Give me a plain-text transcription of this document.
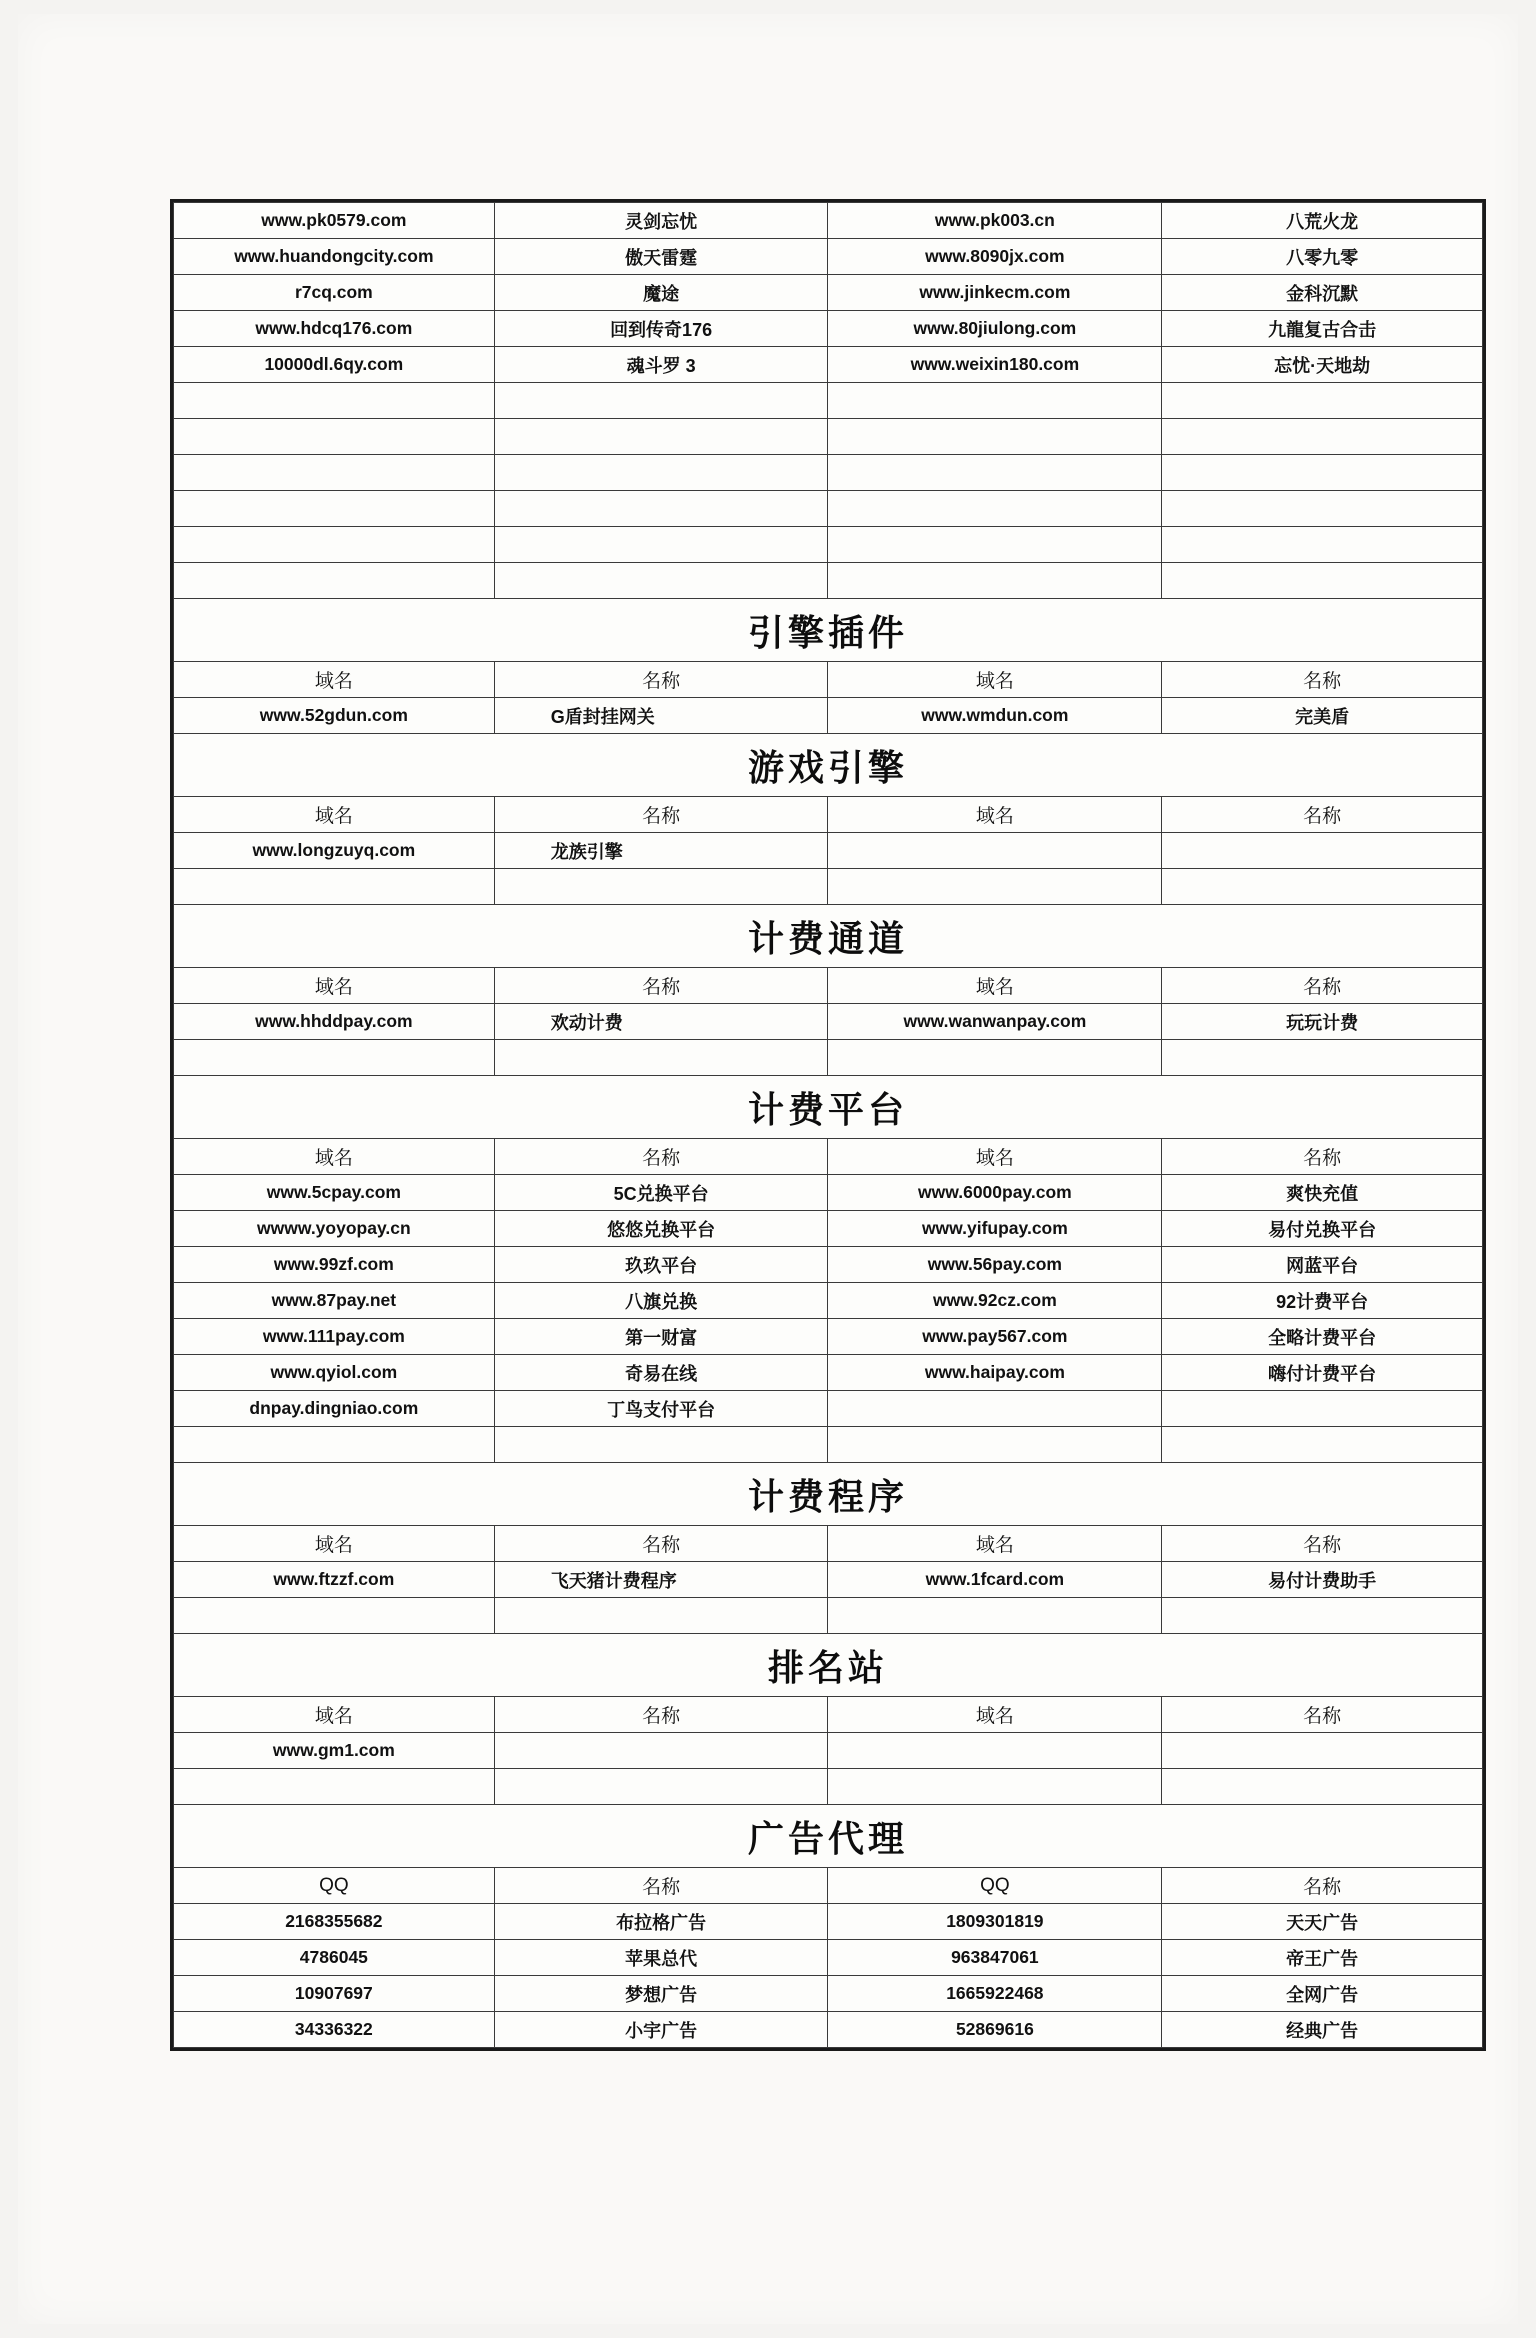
www.pk0579.com	灵剑忘忧	www.pk003.cn	八荒火龙
www.huandongcity.com	傲天雷霆	www.8090jx.com	八零九零
r7cq.com	魔途	www.jinkecm.com	金科沉默
www.hdcq176.com	回到传奇176	www.80jiulong.com	九龍复古合击
10000dl.6qy.com	魂斗罗 3	www.weixin180.com	忘忧·天地劫

引擎插件			
域名	名称	域名	名称
www.52gdun.com	G盾封挂网关	www.wmdun.com	完美盾
游戏引擎			
域名	名称	域名	名称
www.longzuyq.com	龙族引擎		

计费通道			
域名	名称	域名	名称
www.hhddpay.com	欢动计费	www.wanwanpay.com	玩玩计费

计费平台			
域名	名称	域名	名称
www.5cpay.com	5C兑换平台	www.6000pay.com	爽快充值
wwww.yoyopay.cn	悠悠兑换平台	www.yifupay.com	易付兑换平台
www.99zf.com	玖玖平台	www.56pay.com	网蓝平台
www.87pay.net	八旗兑换	www.92cz.com	92计费平台
www.111pay.com	第一财富	www.pay567.com	全略计费平台
www.qyiol.com	奇易在线	www.haipay.com	嗨付计费平台
dnpay.dingniao.com	丁鸟支付平台		

计费程序			
域名	名称	域名	名称
www.ftzzf.com	飞天猪计费程序	www.1fcard.com	易付计费助手

排名站			
域名	名称	域名	名称
www.gm1.com			

广告代理			
QQ	名称	QQ	名称
2168355682	布拉格广告	1809301819	天天广告
4786045	苹果总代	963847061	帝王广告
10907697	梦想广告	1665922468	全网广告
34336322	小宇广告	52869616	经典广告
